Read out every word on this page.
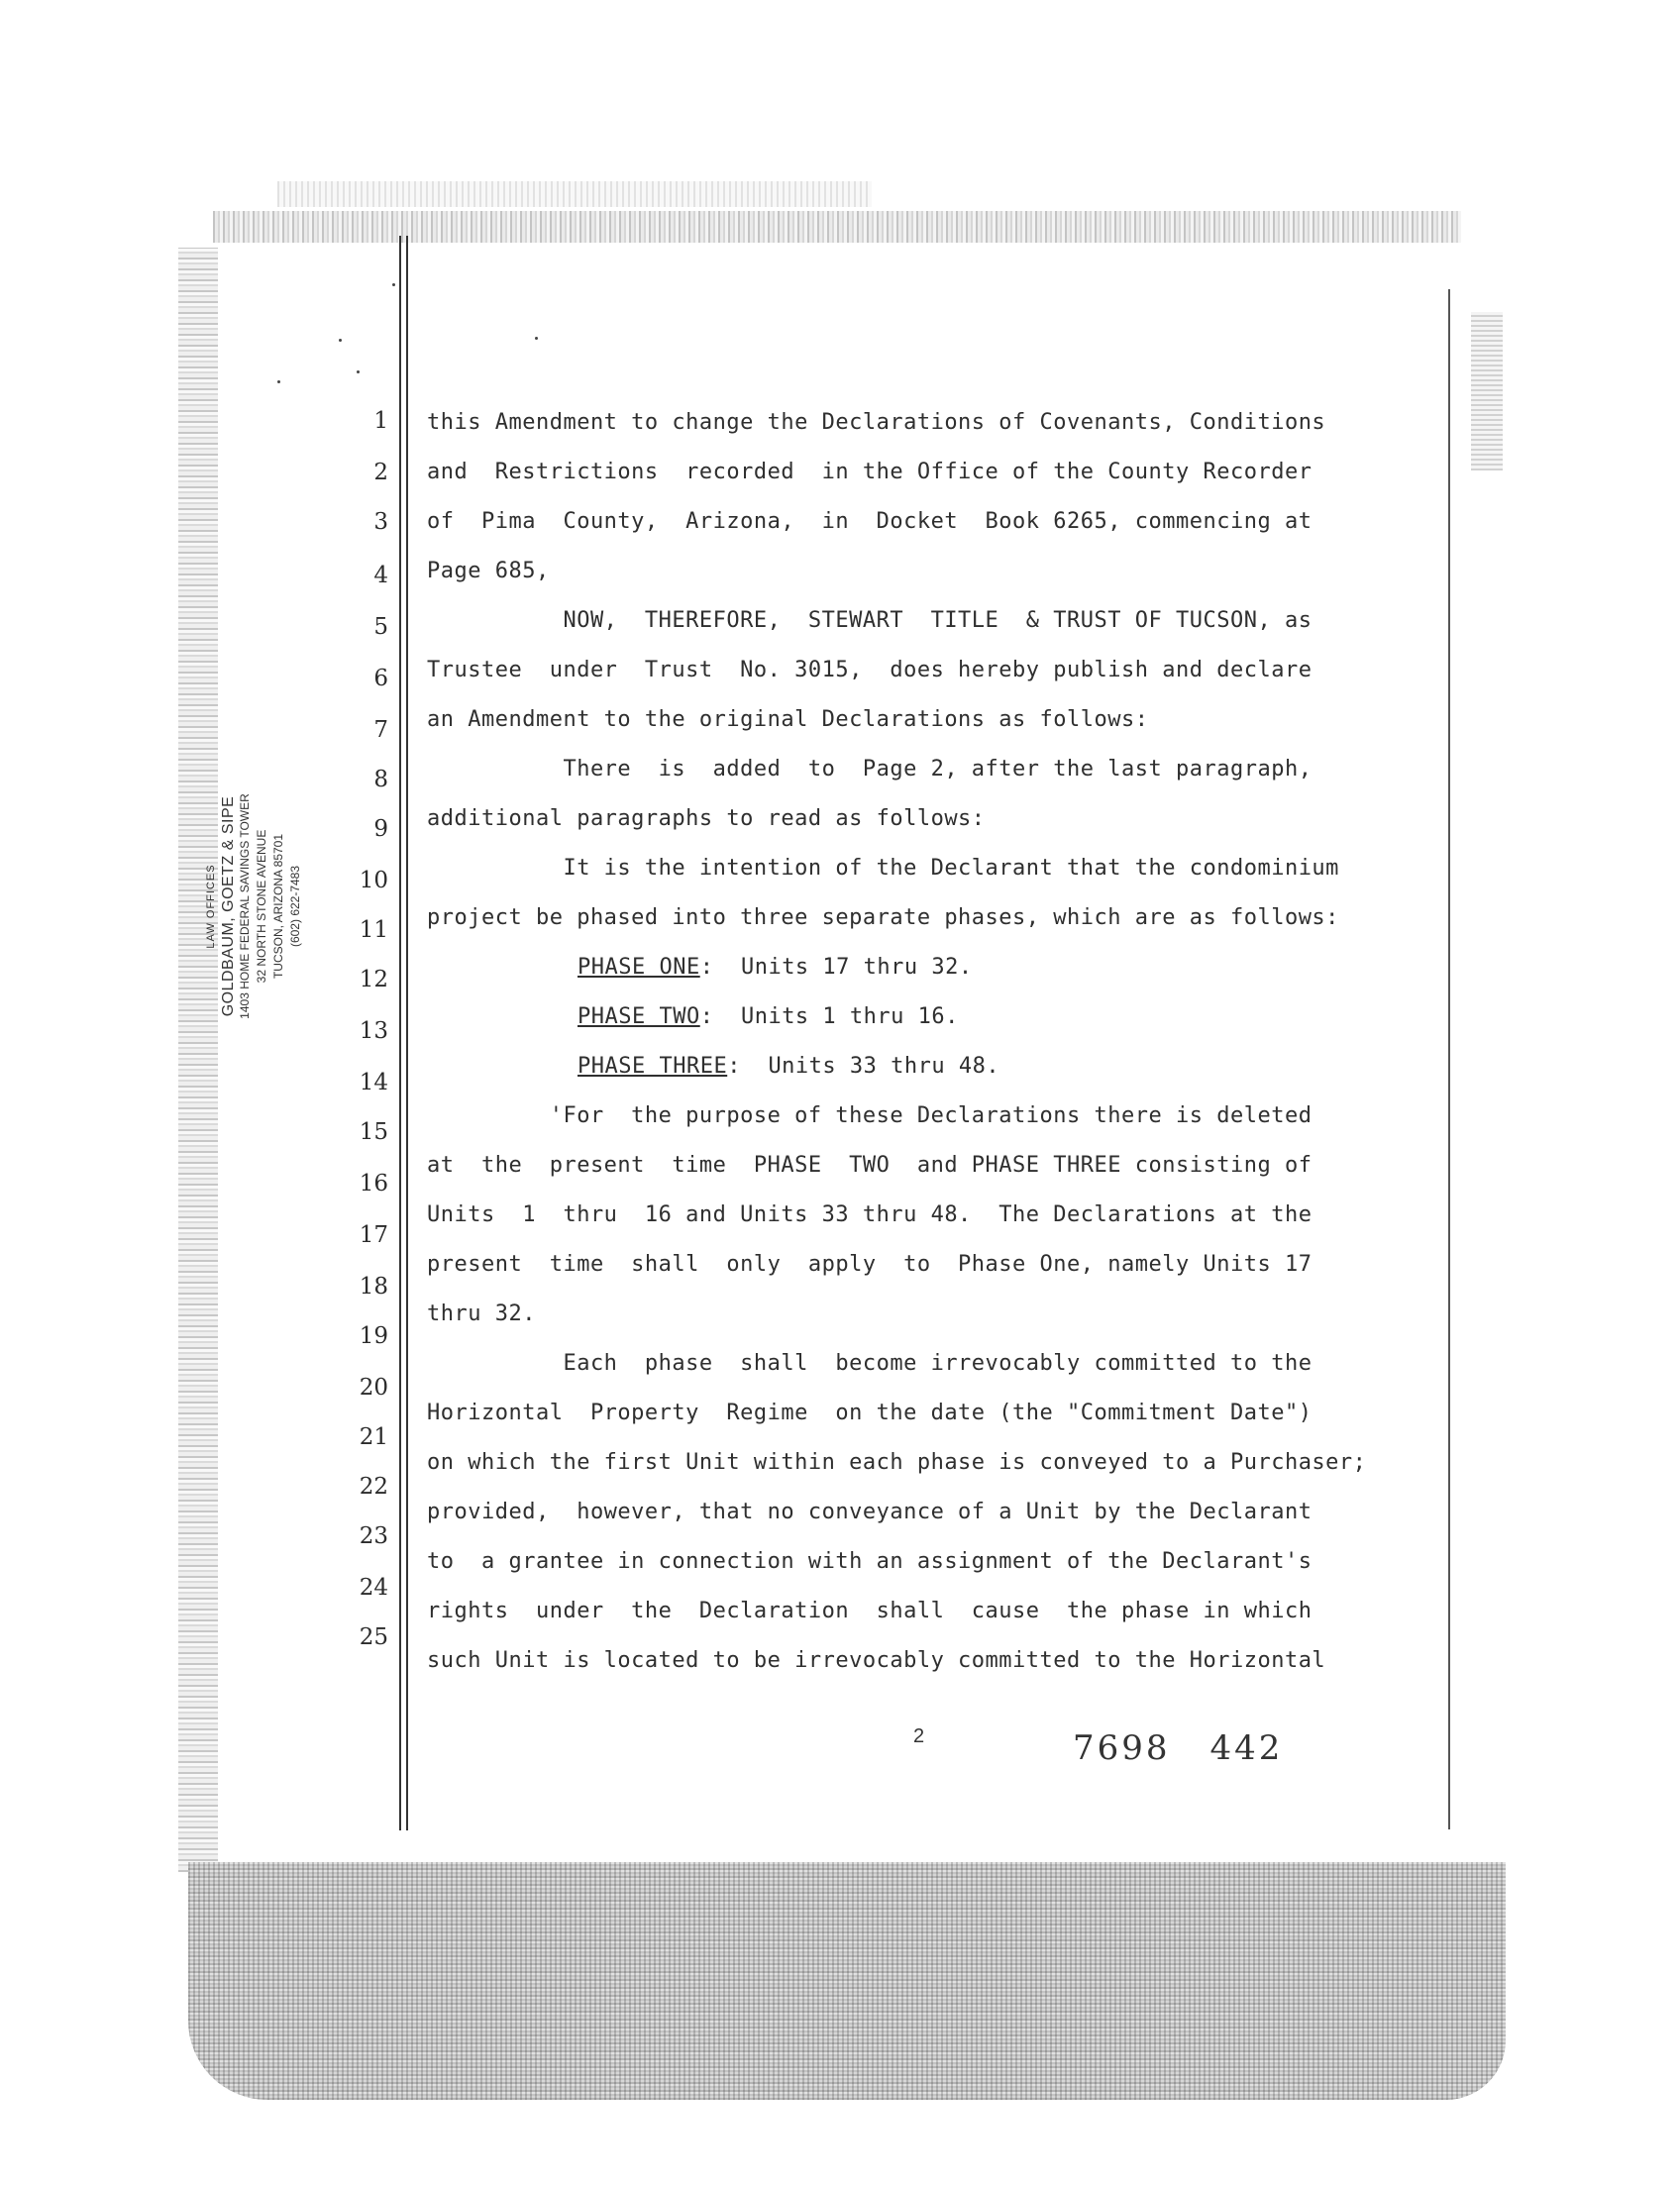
LAW OFFICES GOLDBAUM, GOETZ & SIPE 1403 HOME FEDERAL SAVINGS TOWER 32 NORTH STONE AVENUE TUCSON, ARIZONA 85701 (602) 622-7483
1
2
3
4
5
6
7
8
9
10
11
12
13
14
15
16
17
18
19
20
21
22
23
24
25
this Amendment to change the Declarations of Covenants, Conditions
and  Restrictions  recorded  in the Office of the County Recorder
of  Pima  County,  Arizona,  in  Docket  Book 6265, commencing at
Page 685,
NOW,  THEREFORE,  STEWART  TITLE  & TRUST OF TUCSON, as
Trustee  under  Trust  No. 3015,  does hereby publish and declare
an Amendment to the original Declarations as follows:
There  is  added  to  Page 2, after the last paragraph,
additional paragraphs to read as follows:
It is the intention of the Declarant that the condominium
project be phased into three separate phases, which are as follows:
PHASE ONE:  Units 17 thru 32.
PHASE TWO:  Units 1 thru 16.
PHASE THREE:  Units 33 thru 48.
'For  the purpose of these Declarations there is deleted
at  the  present  time  PHASE  TWO  and PHASE THREE consisting of
Units  1  thru  16 and Units 33 thru 48.  The Declarations at the
present  time  shall  only  apply  to  Phase One, namely Units 17
thru 32.
Each  phase  shall  become irrevocably committed to the
Horizontal  Property  Regime  on the date (the "Commitment Date")
on which the first Unit within each phase is conveyed to a Purchaser;
provided,  however, that no conveyance of a Unit by the Declarant
to  a grantee in connection with an assignment of the Declarant's
rights  under  the  Declaration  shall  cause  the phase in which
such Unit is located to be irrevocably committed to the Horizontal
2	7698 442
